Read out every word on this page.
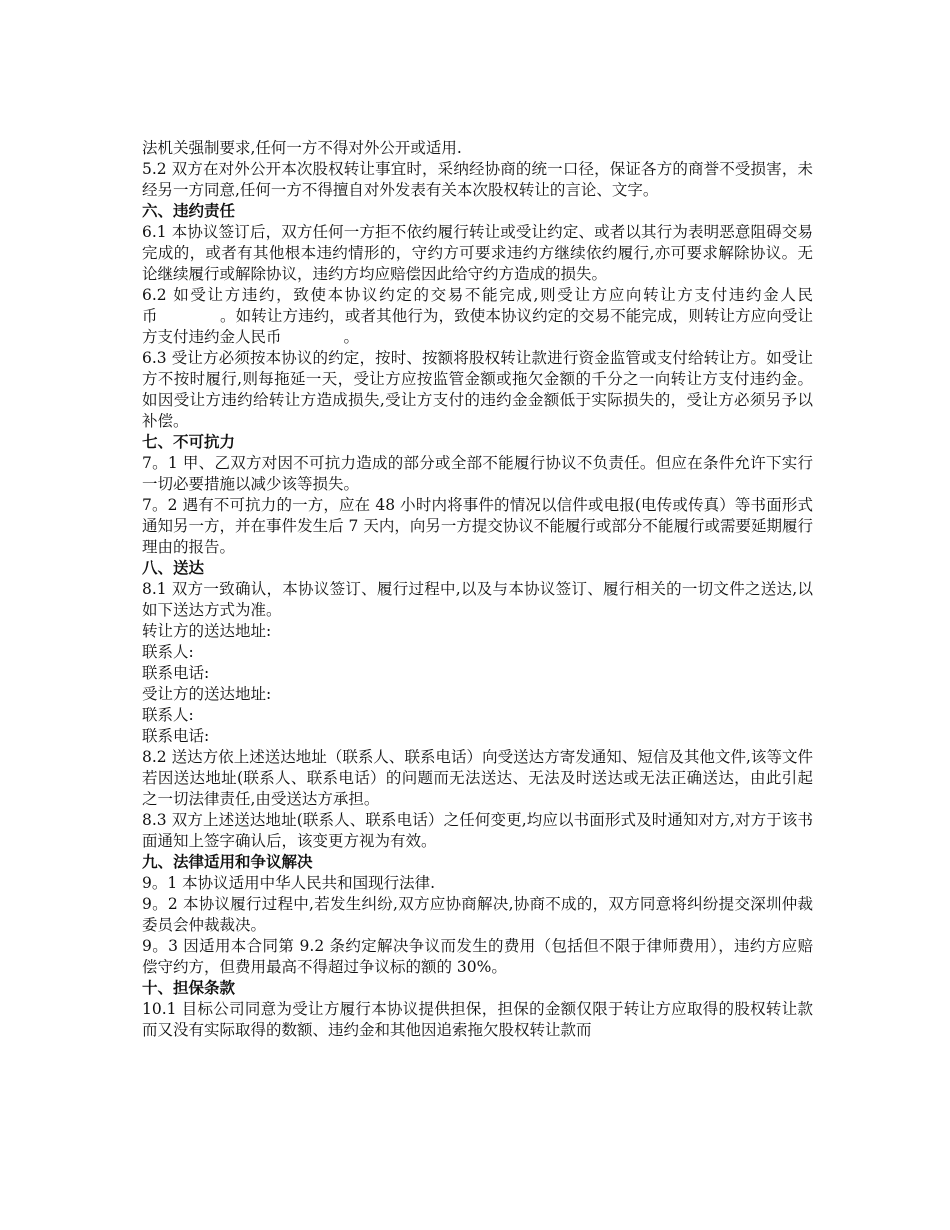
法机关强制要求,任何一方不得对外公开或适用.

5.2 双方在对外公开本次股权转让事宜时，采纳经协商的统一口径，保证各方的商誉不受损害，未经另一方同意,任何一方不得擅自对外发表有关本次股权转让的言论、文字。

六、违约责任

6.1 本协议签订后，双方任何一方拒不依约履行转让或受让约定、或者以其行为表明恶意阻碍交易完成的，或者有其他根本违约情形的，守约方可要求违约方继续依约履行,亦可要求解除协议。无论继续履行或解除协议，违约方均应赔偿因此给守约方造成的损失。

6.2 如受让方违约，致使本协议约定的交易不能完成,则受让方应向转让方支付违约金人民币　　　　。如转让方违约，或者其他行为，致使本协议约定的交易不能完成，则转让方应向受让方支付违约金人民币　　　　。

6.3 受让方必须按本协议的约定，按时、按额将股权转让款进行资金监管或支付给转让方。如受让方不按时履行,则每拖延一天，受让方应按监管金额或拖欠金额的千分之一向转让方支付违约金。如因受让方违约给转让方造成损失,受让方支付的违约金金额低于实际损失的，受让方必须另予以补偿。

七、不可抗力

7。1 甲、乙双方对因不可抗力造成的部分或全部不能履行协议不负责任。但应在条件允许下实行一切必要措施以减少该等损失。

7。2 遇有不可抗力的一方，应在 48 小时内将事件的情况以信件或电报(电传或传真）等书面形式通知另一方，并在事件发生后 7 天内，向另一方提交协议不能履行或部分不能履行或需要延期履行理由的报告。

八、送达

8.1 双方一致确认，本协议签订、履行过程中,以及与本协议签订、履行相关的一切文件之送达,以如下送达方式为准。

转让方的送达地址:

联系人:

联系电话:

受让方的送达地址:

联系人:

联系电话:

8.2 送达方依上述送达地址（联系人、联系电话）向受送达方寄发通知、短信及其他文件,该等文件若因送达地址(联系人、联系电话）的问题而无法送达、无法及时送达或无法正确送达，由此引起之一切法律责任,由受送达方承担。

8.3 双方上述送达地址(联系人、联系电话）之任何变更,均应以书面形式及时通知对方,对方于该书面通知上签字确认后，该变更方视为有效。

九、法律适用和争议解决

9。1 本协议适用中华人民共和国现行法律.

9。2 本协议履行过程中,若发生纠纷,双方应协商解决,协商不成的，双方同意将纠纷提交深圳仲裁委员会仲裁裁决。

9。3 因适用本合同第 9.2 条约定解决争议而发生的费用（包括但不限于律师费用），违约方应赔偿守约方，但费用最高不得超过争议标的额的 30%。

十、担保条款

10.1 目标公司同意为受让方履行本协议提供担保，担保的金额仅限于转让方应取得的股权转让款而又没有实际取得的数额、违约金和其他因追索拖欠股权转让款而
